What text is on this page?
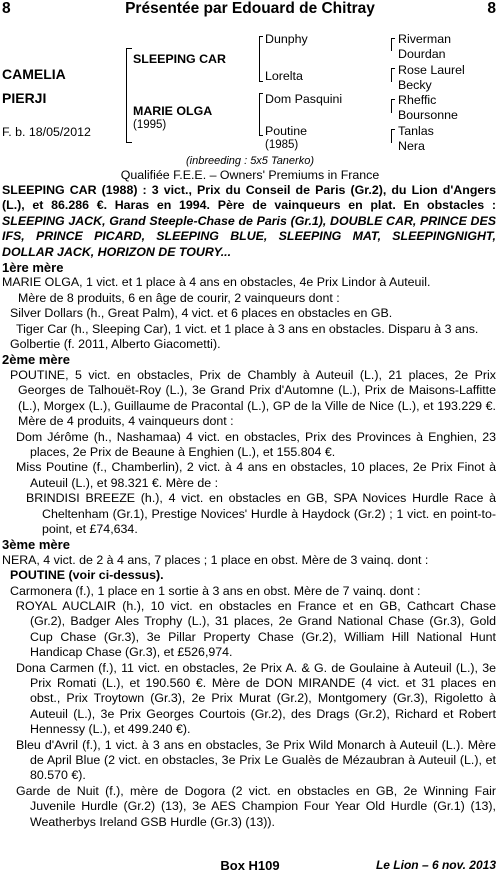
8	Présentée par Edouard de Chitray	8
CAMELIA
PIERJI
F. b. 18/05/2012
SLEEPING CAR
MARIE OLGA
(1995)
Dunphy
Lorelta
Dom Pasquini
Poutine
(1985)
Riverman
Dourdan
Rose Laurel
Becky
Rheffic
Boursonne
Tanlas
Nera
(inbreeding : 5x5 Tanerko)
Qualifiée F.E.E. – Owners' Premiums in France

SLEEPING CAR (1988) : 3 vict., Prix du Conseil de Paris (Gr.2), du Lion d'Angers (L.), et 86.286 €. Haras en 1994. Père de vainqueurs en plat. En obstacles : SLEEPING JACK, Grand Steeple-Chase de Paris (Gr.1), DOUBLE CAR, PRINCE DES IFS, PRINCE PICARD, SLEEPING BLUE, SLEEPING MAT, SLEEPINGNIGHT, DOLLAR JACK, HORIZON DE TOURY...

1ère mère

MARIE OLGA, 1 vict. et 1 place à 4 ans en obstacles, 4e Prix Lindor à Auteuil.

Mère de 8 produits, 6 en âge de courir, 2 vainqueurs dont :

Silver Dollars (h., Great Palm), 4 vict. et 6 places en obstacles en GB.

Tiger Car (h., Sleeping Car), 1 vict. et 1 place à 3 ans en obstacles. Disparu à 3 ans.

Golbertie (f. 2011, Alberto Giacometti).

2ème mère

POUTINE, 5 vict. en obstacles, Prix de Chambly à Auteuil (L.), 21 places, 2e Prix Georges de Talhouët-Roy (L.), 3e Grand Prix d'Automne (L.), Prix de Maisons-Laffitte (L.), Morgex (L.), Guillaume de Pracontal (L.), GP de la Ville de Nice (L.), et 193.229 €. Mère de 4 produits, 4 vainqueurs dont :

Dom Jérôme (h., Nashamaa) 4 vict. en obstacles, Prix des Provinces à Enghien, 23 places, 2e Prix de Beaune à Enghien (L.), et 155.804 €.

Miss Poutine (f., Chamberlin), 2 vict. à 4 ans en obstacles, 10 places, 2e Prix Finot à Auteuil (L.), et 98.321 €. Mère de :

BRINDISI BREEZE (h.), 4 vict. en obstacles en GB, SPA Novices Hurdle Race à Cheltenham (Gr.1), Prestige Novices' Hurdle à Haydock (Gr.2) ; 1 vict. en point-to-point, et £74,634.

3ème mère

NERA, 4 vict. de 2 à 4 ans, 7 places ; 1 place en obst. Mère de 3 vainq. dont :

POUTINE (voir ci-dessus).

Carmonera (f.), 1 place en 1 sortie à 3 ans en obst. Mère de 7 vainq. dont :

ROYAL AUCLAIR (h.), 10 vict. en obstacles en France et en GB, Cathcart Chase (Gr.2), Badger Ales Trophy (L.), 31 places, 2e Grand National Chase (Gr.3), Gold Cup Chase (Gr.3), 3e Pillar Property Chase (Gr.2), William Hill National Hunt Handicap Chase (Gr.3), et £526,974.

Dona Carmen (f.), 11 vict. en obstacles, 2e Prix A. & G. de Goulaine à Auteuil (L.), 3e Prix Romati (L.), et 190.560 €. Mère de DON MIRANDE (4 vict. et 31 places en obst., Prix Troytown (Gr.3), 2e Prix Murat (Gr.2), Montgomery (Gr.3), Rigoletto à Auteuil (L.), 3e Prix Georges Courtois (Gr.2), des Drags (Gr.2), Richard et Robert Hennessy (L.), et 499.240 €).

Bleu d'Avril (f.), 1 vict. à 3 ans en obstacles, 3e Prix Wild Monarch à Auteuil (L.). Mère de April Blue (2 vict. en obstacles, 3e Prix Le Gualès de Mézaubran à Auteuil (L.), et 80.570 €).

Garde de Nuit (f.), mère de Dogora (2 vict. en obstacles en GB, 2e Winning Fair Juvenile Hurdle (Gr.2) (13), 3e AES Champion Four Year Old Hurdle (Gr.1) (13), Weatherbys Ireland GSB Hurdle (Gr.3) (13)).

Box H109	Le Lion – 6 nov. 2013
